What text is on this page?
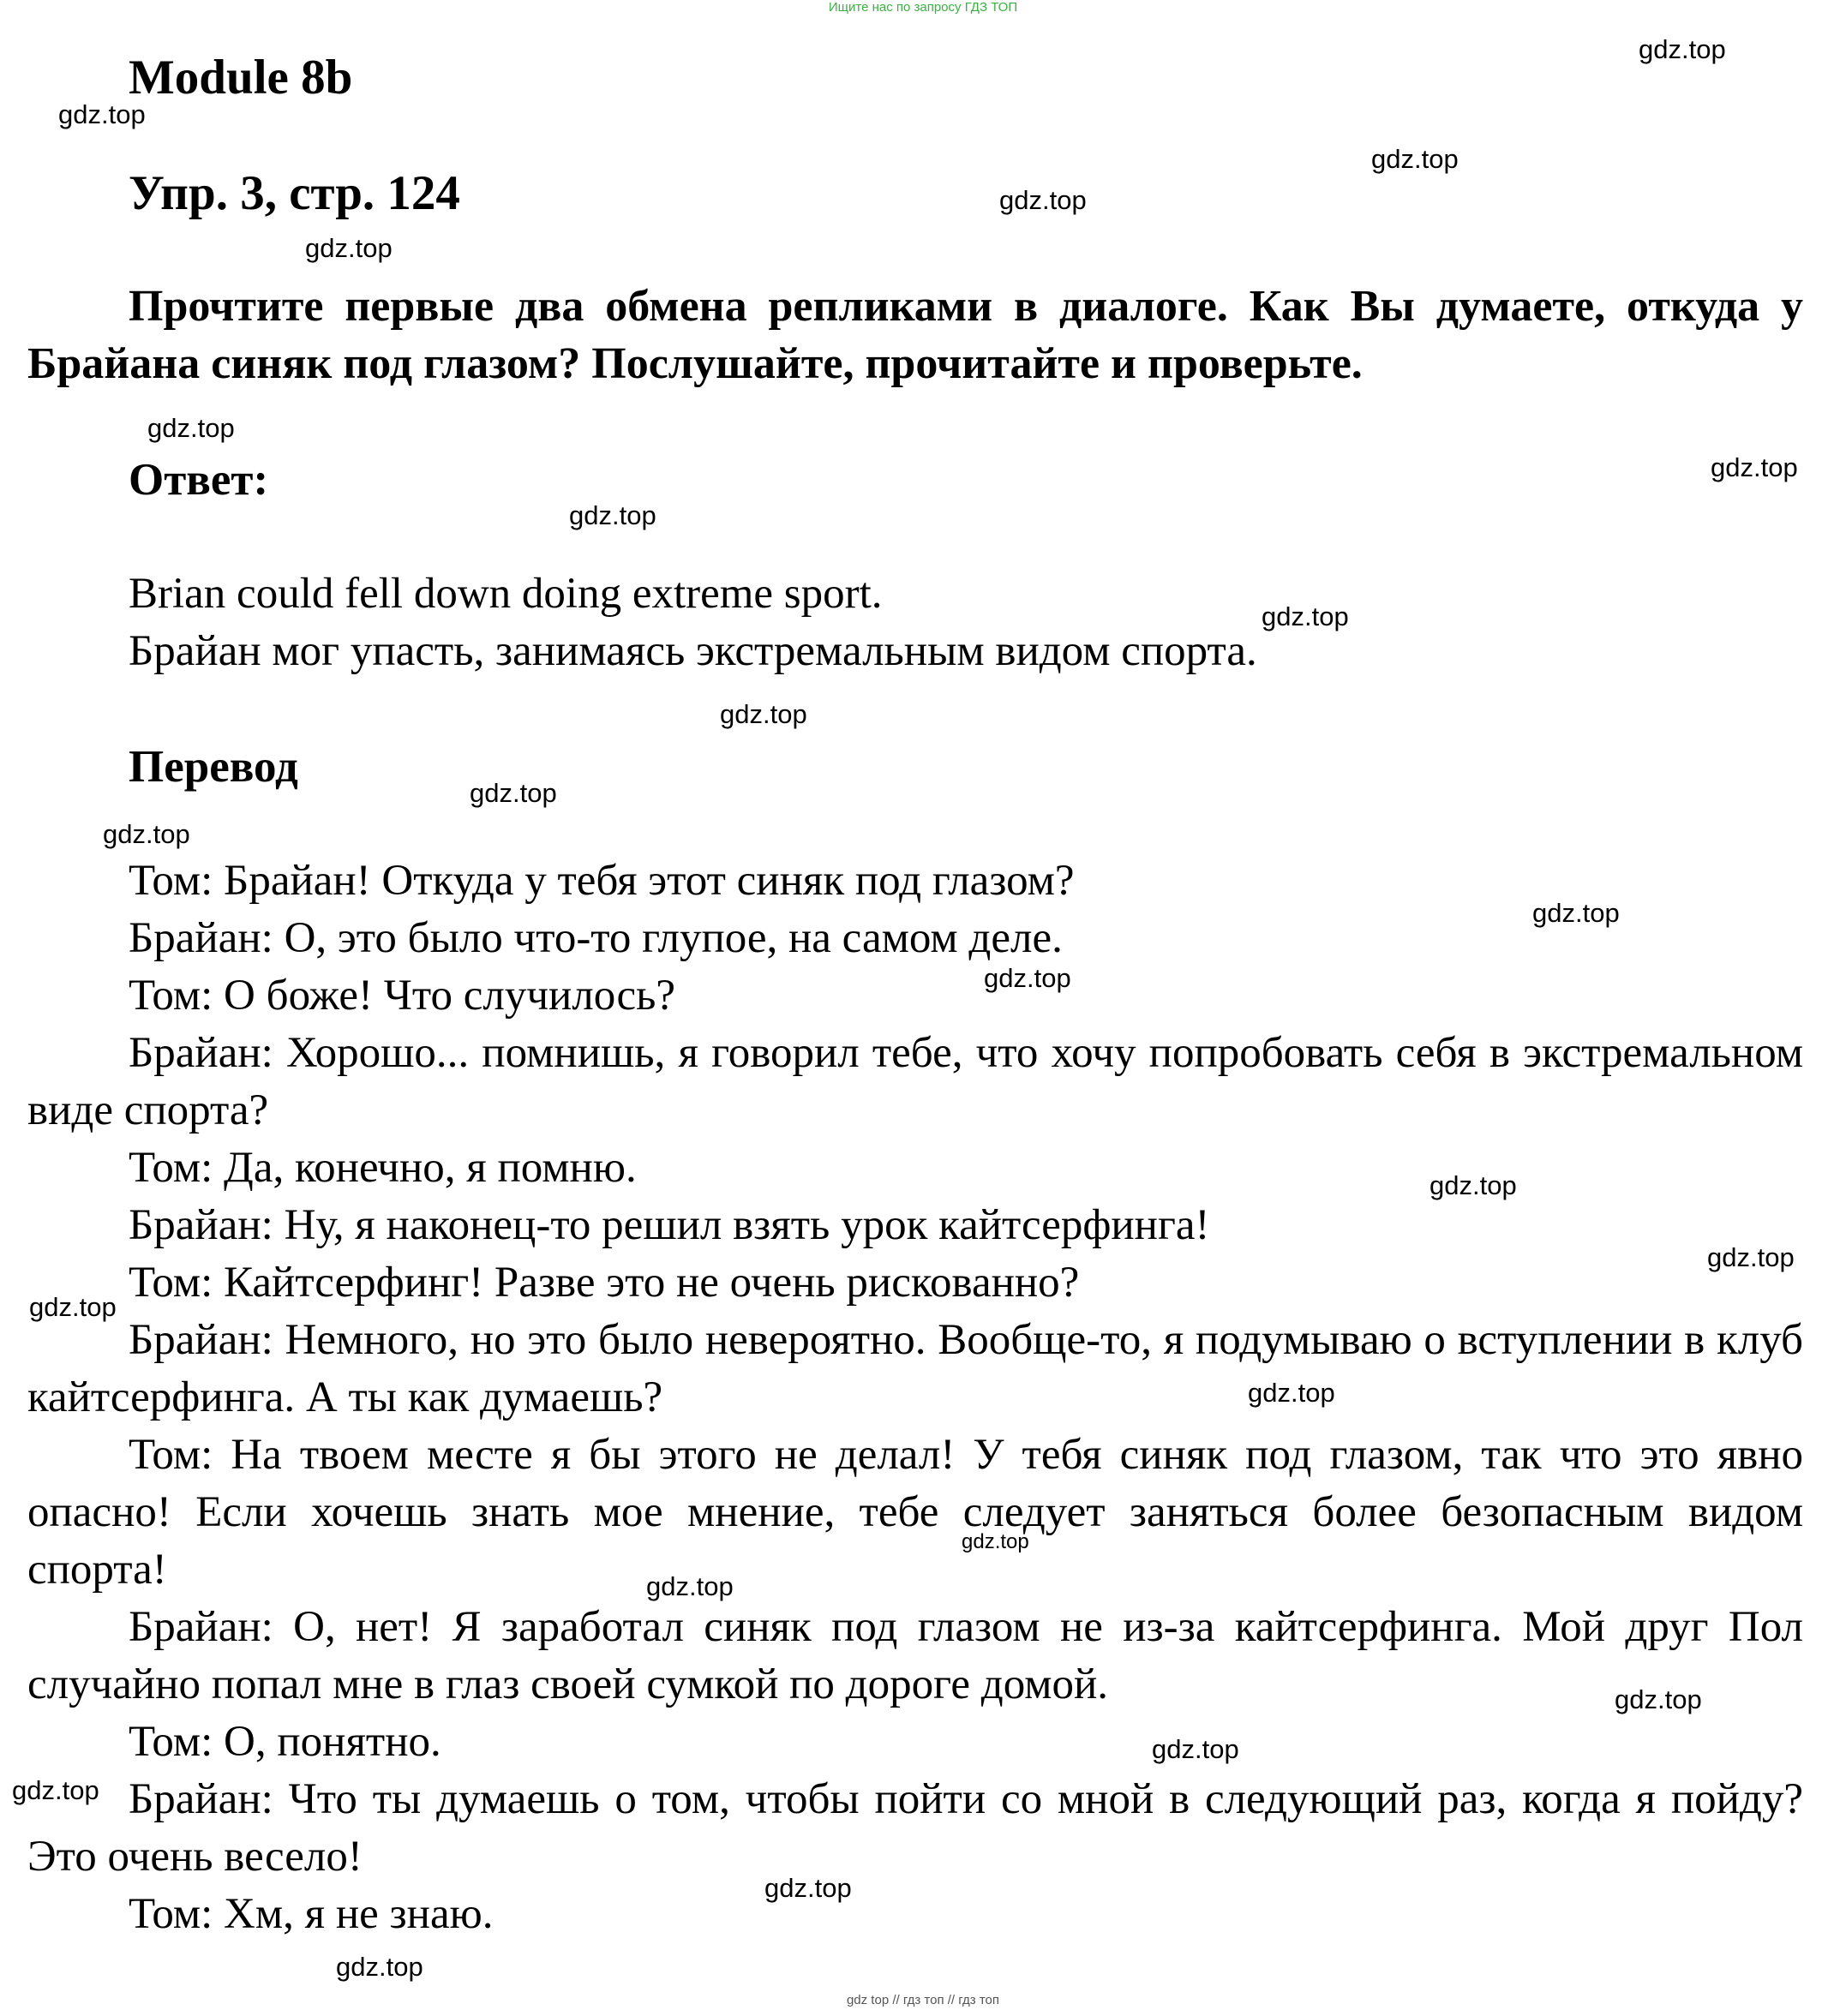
Ищите нас по запросу ГДЗ ТОП
Module 8b
Упр. 3, стр. 124

Прочтите первые два обмена репликами в диалоге. Как Вы думаете, откуда у Брайана синяк под глазом? Послушайте, прочитайте и проверьте.

Ответ:

Brian could fell down doing extreme sport.

Брайан мог упасть, занимаясь экстремальным видом спорта.

Перевод

Том: Брайан! Откуда у тебя этот синяк под глазом?

Брайан: О, это было что-то глупое, на самом деле.

Том: О боже! Что случилось?

Брайан: Хорошо... помнишь, я говорил тебе, что хочу попробовать себя в экстремальном виде спорта?

Том: Да, конечно, я помню.

Брайан: Ну, я наконец-то решил взять урок кайтсерфинга!

Том: Кайтсерфинг! Разве это не очень рискованно?

Брайан: Немного, но это было невероятно. Вообще-то, я подумываю о вступлении в клуб кайтсерфинга. А ты как думаешь?

Том: На твоем месте я бы этого не делал! У тебя синяк под глазом, так что это явно опасно! Если хочешь знать мое мнение, тебе следует заняться более безопасным видом спорта!

Брайан: О, нет! Я заработал синяк под глазом не из-за кайтсерфинга. Мой друг Пол случайно попал мне в глаз своей сумкой по дороге домой.

Том: О, понятно.

Брайан: Что ты думаешь о том, чтобы пойти со мной в следующий раз, когда я пойду? Это очень весело!

Том: Хм, я не знаю.

gdz.top
gdz.top
gdz.top
gdz.top
gdz.top
gdz.top
gdz.top
gdz.top
gdz.top
gdz.top
gdz.top
gdz.top
gdz.top
gdz.top
gdz.top
gdz.top
gdz.top
gdz.top
gdz.top
gdz.top
gdz.top
gdz.top
gdz.top
gdz.top
gdz.top
gdz top // гдз топ // гдз топ
